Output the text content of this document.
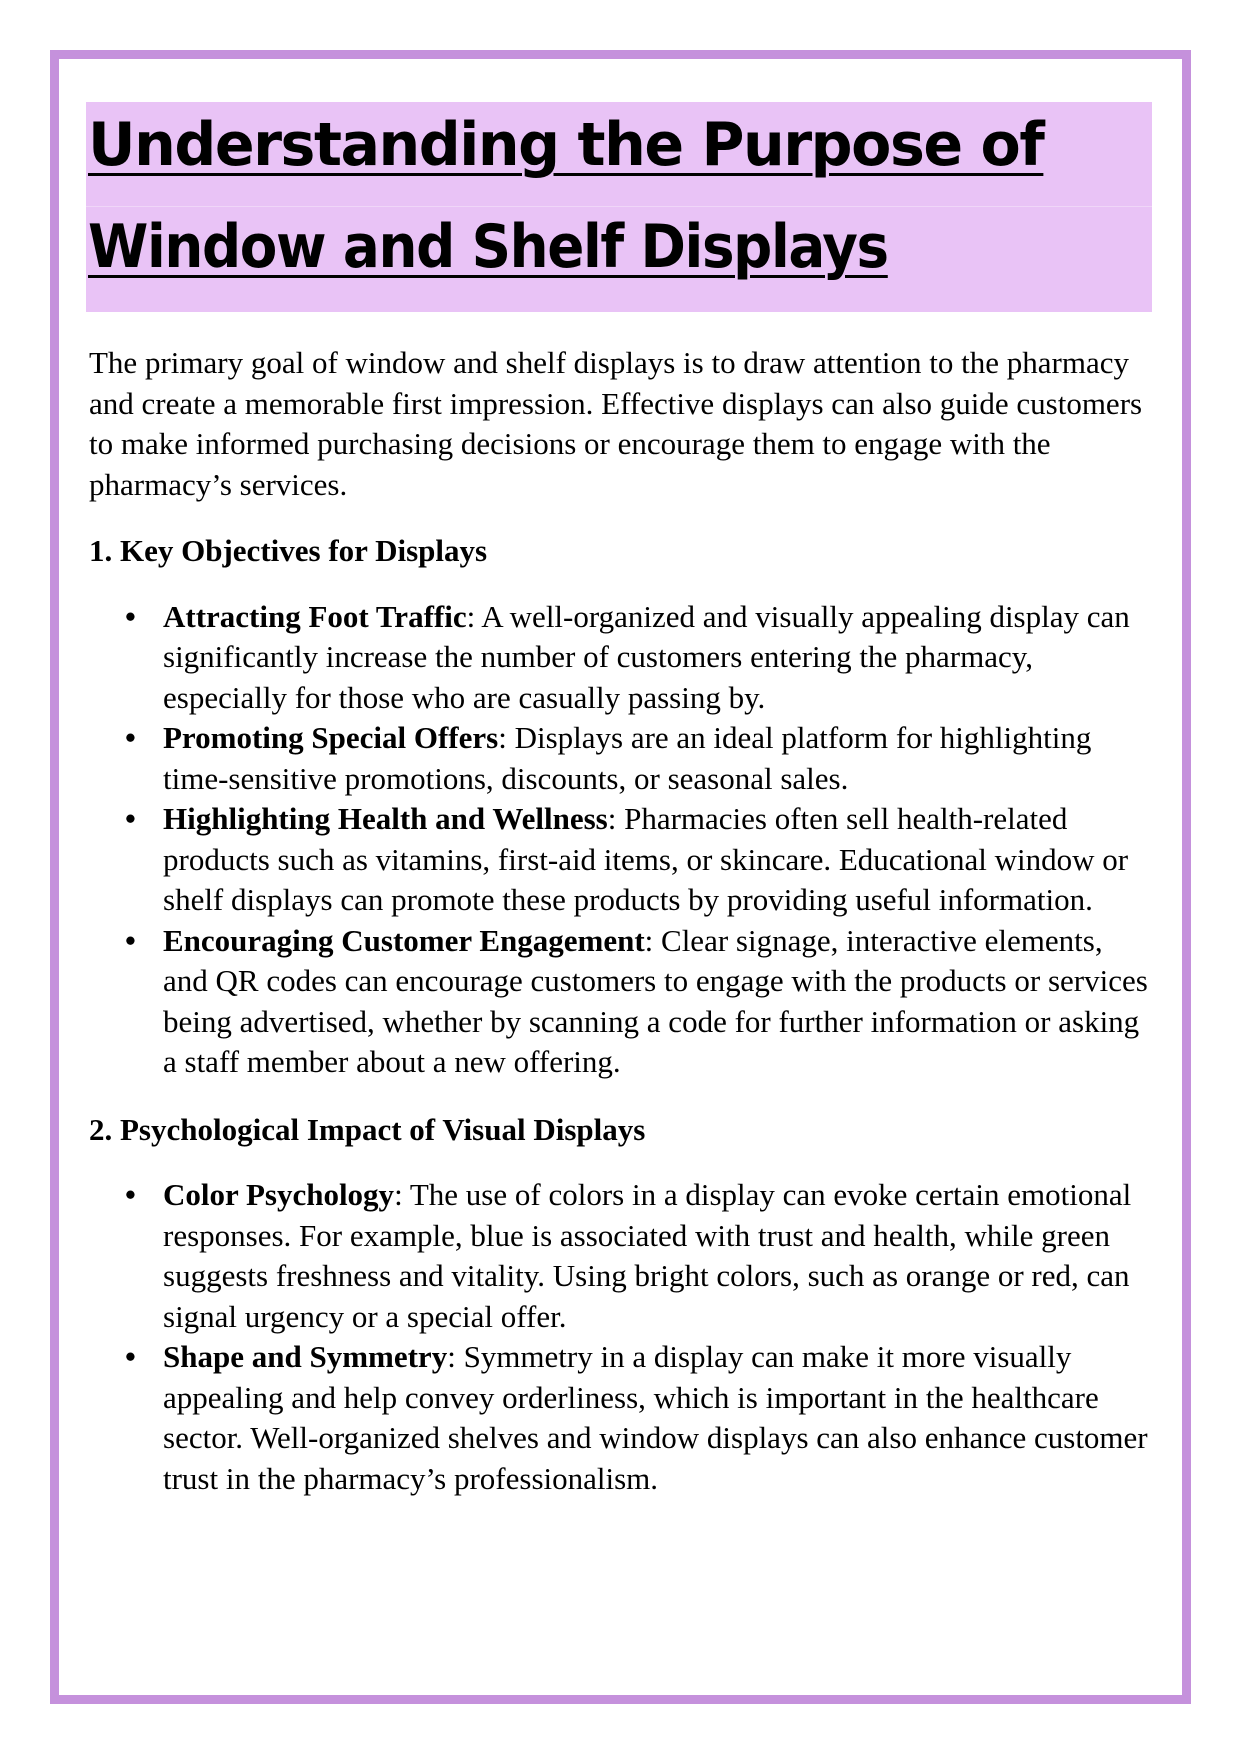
Understanding the Purpose of
Window and Shelf Displays

The primary goal of window and shelf displays is to draw attention to the pharmacy and create a memorable first impression. Effective displays can also guide customers to make informed purchasing decisions or encourage them to engage with the pharmacy’s services.

1. Key Objectives for Displays
• Attracting Foot Traffic: A well-organized and visually appealing display can significantly increase the number of customers entering the pharmacy, especially for those who are casually passing by.
• Promoting Special Offers: Displays are an ideal platform for highlighting time-sensitive promotions, discounts, or seasonal sales.
• Highlighting Health and Wellness: Pharmacies often sell health-related products such as vitamins, first-aid items, or skincare. Educational window or shelf displays can promote these products by providing useful information.
• Encouraging Customer Engagement: Clear signage, interactive elements, and QR codes can encourage customers to engage with the products or services being advertised, whether by scanning a code for further information or asking a staff member about a new offering.
2. Psychological Impact of Visual Displays
• Color Psychology: The use of colors in a display can evoke certain emotional responses. For example, blue is associated with trust and health, while green suggests freshness and vitality. Using bright colors, such as orange or red, can signal urgency or a special offer.
• Shape and Symmetry: Symmetry in a display can make it more visually appealing and help convey orderliness, which is important in the healthcare sector. Well-organized shelves and window displays can also enhance customer trust in the pharmacy’s professionalism.
